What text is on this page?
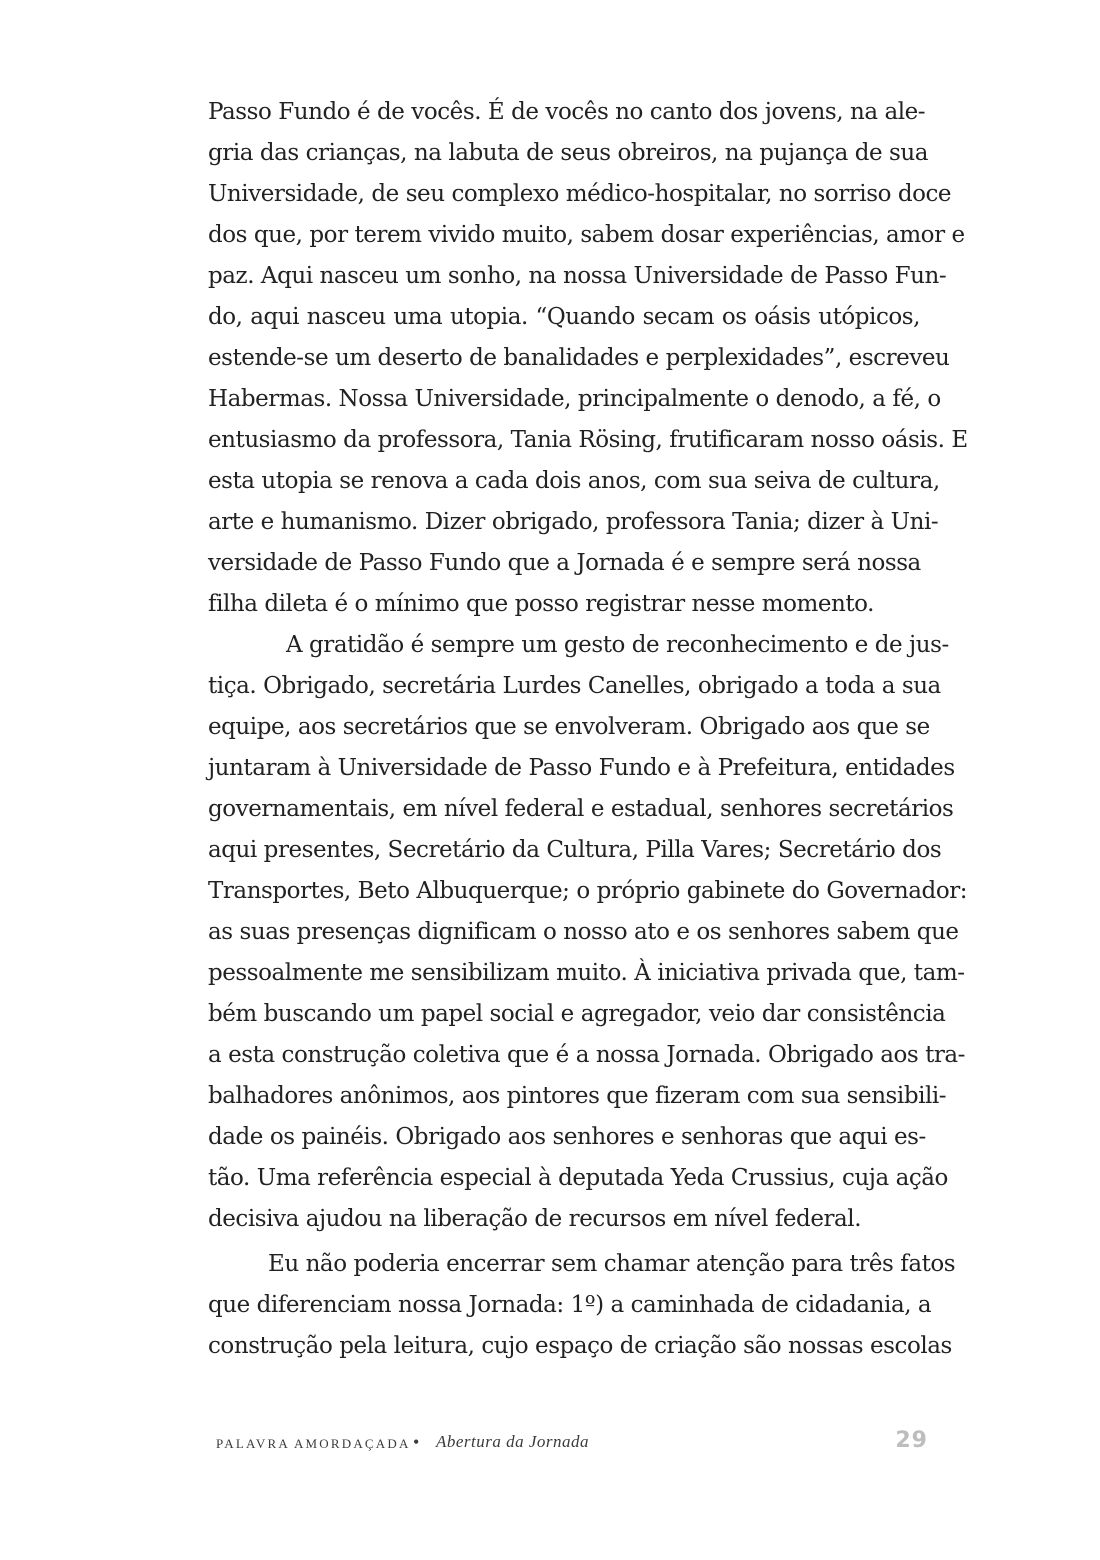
Passo Fundo é de vocês. É de vocês no canto dos jovens, na ale-
gria das crianças, na labuta de seus obreiros, na pujança de sua
Universidade, de seu complexo médico-hospitalar, no sorriso doce
dos que, por terem vivido muito, sabem dosar experiências, amor e
paz. Aqui nasceu um sonho, na nossa Universidade de Passo Fun-
do, aqui nasceu uma utopia. “Quando secam os oásis utópicos,
estende-se um deserto de banalidades e perplexidades”, escreveu
Habermas. Nossa Universidade, principalmente o denodo, a fé, o
entusiasmo da professora, Tania Rösing, frutificaram nosso oásis. E
esta utopia se renova a cada dois anos, com sua seiva de cultura,
arte e humanismo. Dizer obrigado, professora Tania; dizer à Uni-
versidade de Passo Fundo que a Jornada é e sempre será nossa
filha dileta é o mínimo que posso registrar nesse momento.
A gratidão é sempre um gesto de reconhecimento e de jus-
tiça. Obrigado, secretária Lurdes Canelles, obrigado a toda a sua
equipe, aos secretários que se envolveram. Obrigado aos que se
juntaram à Universidade de Passo Fundo e à Prefeitura, entidades
governamentais, em nível federal e estadual, senhores secretários
aqui presentes, Secretário da Cultura, Pilla Vares; Secretário dos
Transportes, Beto Albuquerque; o próprio gabinete do Governador:
as suas presenças dignificam o nosso ato e os senhores sabem que
pessoalmente me sensibilizam muito. À iniciativa privada que, tam-
bém buscando um papel social e agregador, veio dar consistência
a esta construção coletiva que é a nossa Jornada. Obrigado aos tra-
balhadores anônimos, aos pintores que fizeram com sua sensibili-
dade os painéis. Obrigado aos senhores e senhoras que aqui es-
tão. Uma referência especial à deputada Yeda Crussius, cuja ação
decisiva ajudou na liberação de recursos em nível federal.
Eu não poderia encerrar sem chamar atenção para três fatos
que diferenciam nossa Jornada: 1º) a caminhada de cidadania, a
construção pela leitura, cujo espaço de criação são nossas escolas
PALAVRA AMORDAÇADA • Abertura da Jornada	29
